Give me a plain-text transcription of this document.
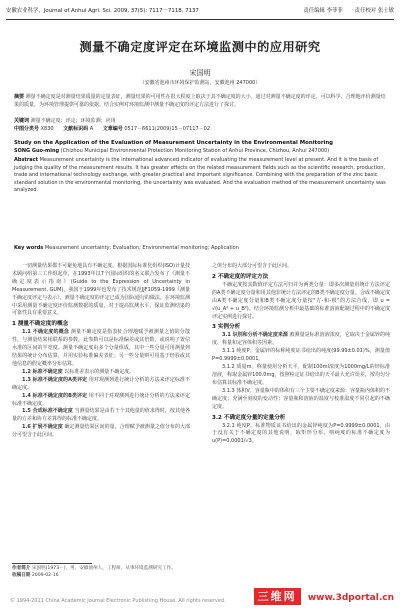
安徽农业科学，Journal of Anhui Agri. Sci. 2009, 37(5): 7117－7118, 7137	责任编辑 李菲菲 责任校对 张士敏
测量不确定度评定在环境监测中的应用研究
宋国明
（安徽省池州市环境保护监测站，安徽池州 247000）
摘要 测量不确定度是对测量结果质量的定量表征，测量结果的可用性在很大程度上取决于其不确定度的大小。通过对测量不确定度的评定，可以科学、合理地评价测量结果的质量，为环境管理提供可靠的依据。结合实例对环境监测中测量不确定度的评定方法进行了探讨。
关键词 测量不确定度；评定；环境监测；应用
中图分类号 X830 文献标识码 A 文章编号 0517－6611(2009)15－07117－02
Study on the Application of the Evaluation of Measurement Uncertainty in the Environmental Monitoring
SONG Guo-ming (Chizhou Municipal Environmental Protection Monitoring Station of Anhui Province, Chizhou, Anhui 247000)
Abstract Measurement uncertainty is the international advanced indicator of evaluating the measurement level at present. And it is the basis of judging the quality of the measurement results. It has greater effects on the related measurement fields such as the scientific research, production, trade and international technology exchange, with greater practical and important significance. Combining with the preparation of the zinc basic standard solution in the environmental monitoring, the uncertainty was evaluated. And the evaluation method of the measurement uncertainty was analyzed.
Key words Measurement uncertainty; Evaluation; Environmental monitoring; Application

一切测量结果都不可避免地具有不确定度。根据国际标准化组织(ISO)计量技术顾问组第三工作组起草，在1993年以7个国际组织的名义联合发布了《测量不确定度表示指南》(Guide to the Expression of Uncertainty in Measurement, GUM)，我国于1999年也发布了技术规范JJF1059-1999《测量不确定度评定与表示》。测量不确定度的评定已成为国际通行的做法，在环境监测中采用测量不确定度评价监测数据的质量，对于提高监测水平、保证监测结果的可靠性具有重要意义。

1 测量不确定度的概念

1.1 不确定度的概念 测量不确定度是指表征合理地赋予被测量之值的分散性，与测量结果相联系的参数。此参数可以是标准偏差或其倍数，或说明了置信水准的区间的半宽度。测量不确定度由多个分量组成，其中一些分量可用测量列结果的统计分布估算，并用实验标准偏差表征；另一些分量则可用基于经验或其他信息的假定概率分布估算。

1.2 标准不确定度 以标准差表示的测量不确定度。

1.3 标准不确定度的A类评定 用对观测列进行统计分析的方法来评定标准不确定度。

1.4 标准不确定度的B类评定 用不同于对观测列进行统计分析的方法来评定标准不确定度。

1.5 合成标准不确定度 当测量结果是由若干个其他量的值求得时，按其他各量的方差和协方差算得的标准不确定度。

1.6 扩展不确定度 确定测量结果区间的量，合理赋予被测量之值分布的大部分可望含于此区间。

之值分布的大部分可望含于此区间。

2 不确定度的评定方法

不确定度按其数值评定方法可归并为两类分量：即多次测量用统计方法评定的A类不确定度分量和用其他非统计方法评定的B类不确定度分量。合成不确定度由A类不确定度分量和B类不确定度分量按"方-和-根"的方法合成，即 u = √(u_A² + u_B²)。结合环境监测分析中最基础的标准溶液配制过程中的不确定度评定实例进行探讨。

3 实例分析

3.1 识别和分析不确定度来源 被测量是标准溶液浓度，它取决于金属锌的纯度、称量和定容体积等因素。

3.1.1 纯度P。金属锌的标称纯度证书给出的纯度(99.99±0.01)%，测量值P=0.9999±0.0001。

3.1.2 质量m。称量使用分析天平，配制100ml浓度为1000mg/L的锌标准溶液，称取金属锌100.0mg，按照检定证书给出的天平最大允许误差，按均匀分布估算其标准不确定度。

3.1.3 体积V。容量瓶中的体积有三个主要不确定度来源：容量瓶内体积的不确定度；充满至刻度的变动性；容量瓶和溶液的温度与校准温度不同引起的不确定度。

3.2 不确定度分量的定量分析

3.2.1 纯度P。标准物质证书给出的金属锌纯度为P=0.9999±0.0001，由于没有关于不确定度的其他说明，取矩形分布，则纯度的标准不确定度为u(P)=0.0001/√3。

作者简介 宋国明(1973－)，男，安徽池州人，工程师，从事环境监测研究工作。
收稿日期 2009-02-16
© 1994-2011 China Academic Journal Electronic Publishing House. All rights reserved.	三维网 www.3dportal.cn
